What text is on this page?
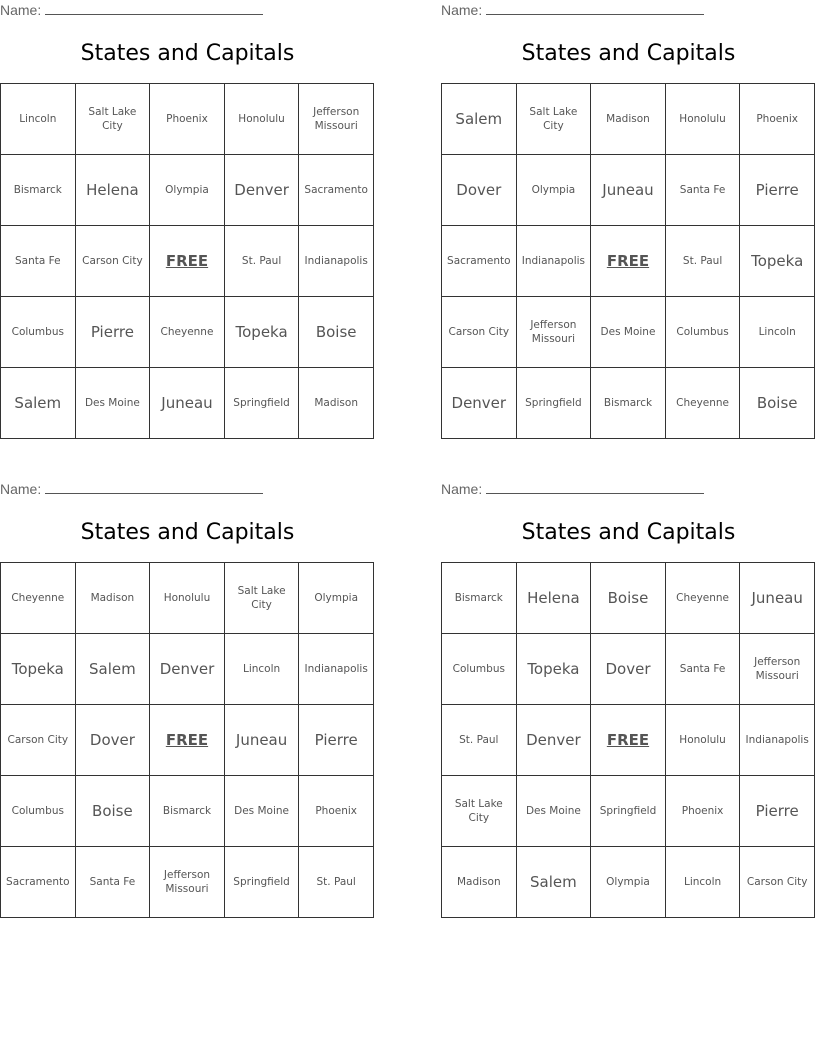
Name:
States and Capitals
Lincoln	Salt Lake City	Phoenix	Honolulu	Jefferson Missouri
Bismarck	Helena	Olympia	Denver	Sacramento
Santa Fe	Carson City	FREE	St. Paul	Indianapolis
Columbus	Pierre	Cheyenne	Topeka	Boise
Salem	Des Moine	Juneau	Springfield	Madison
Name:
States and Capitals
Salem	Salt Lake City	Madison	Honolulu	Phoenix
Dover	Olympia	Juneau	Santa Fe	Pierre
Sacramento	Indianapolis	FREE	St. Paul	Topeka
Carson City	Jefferson Missouri	Des Moine	Columbus	Lincoln
Denver	Springfield	Bismarck	Cheyenne	Boise
Name:
States and Capitals
Cheyenne	Madison	Honolulu	Salt Lake City	Olympia
Topeka	Salem	Denver	Lincoln	Indianapolis
Carson City	Dover	FREE	Juneau	Pierre
Columbus	Boise	Bismarck	Des Moine	Phoenix
Sacramento	Santa Fe	Jefferson Missouri	Springfield	St. Paul
Name:
States and Capitals
Bismarck	Helena	Boise	Cheyenne	Juneau
Columbus	Topeka	Dover	Santa Fe	Jefferson Missouri
St. Paul	Denver	FREE	Honolulu	Indianapolis
Salt Lake City	Des Moine	Springfield	Phoenix	Pierre
Madison	Salem	Olympia	Lincoln	Carson City
